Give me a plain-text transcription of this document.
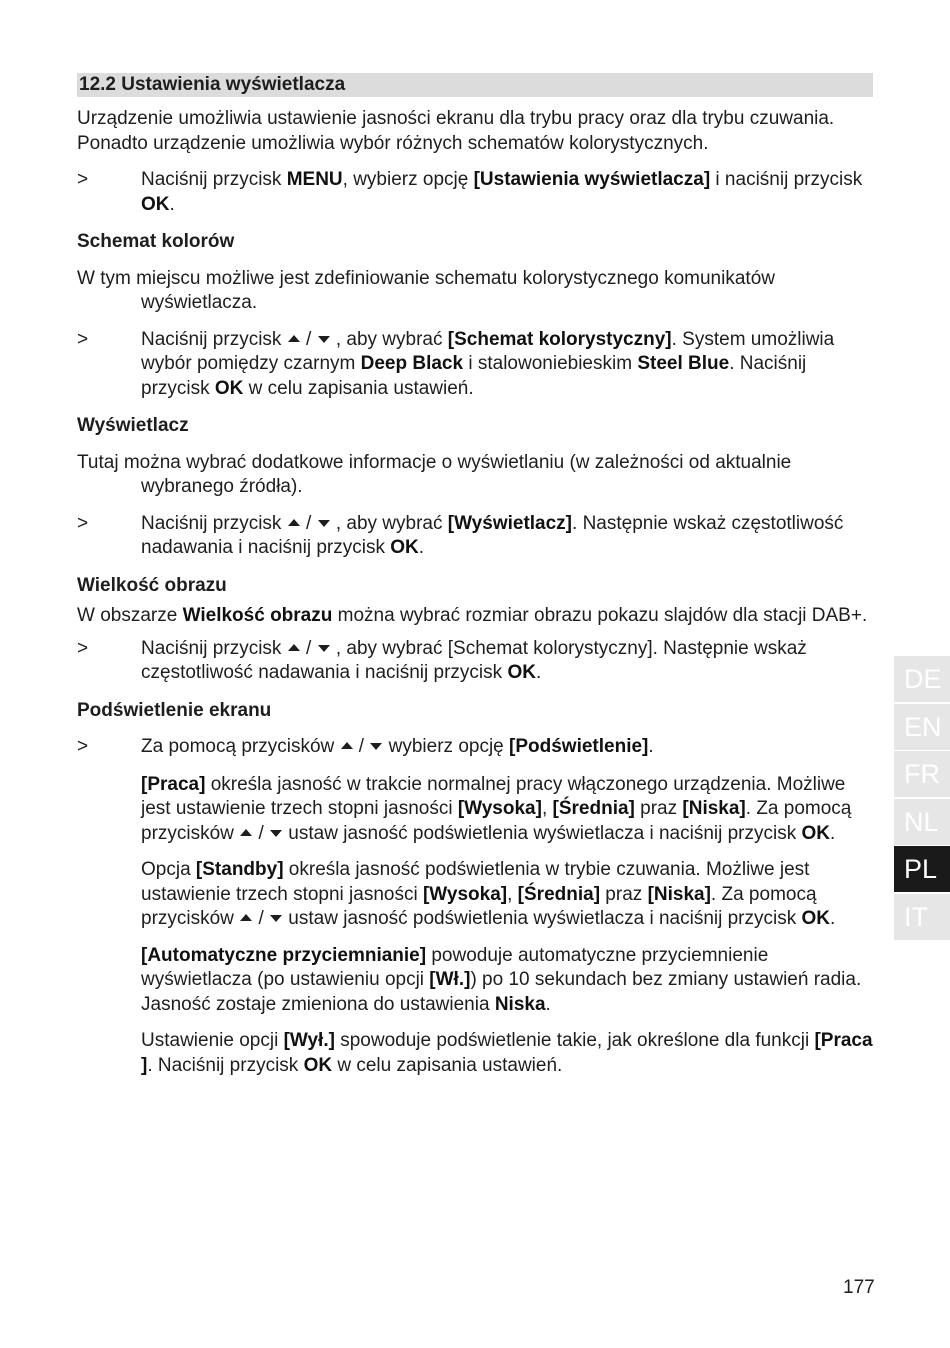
12.2 Ustawienia wyświetlacza

Urządzenie umożliwia ustawienie jasności ekranu dla trybu pracy oraz dla trybu czuwania. Ponadto urządzenie umożliwia wybór różnych schematów kolorystycznych.

>	Naciśnij przycisk MENU, wybierz opcję [Ustawienia wyświetlacza] i naciśnij przycisk OK.
Schemat kolorów

W tym miejscu możliwe jest zdefiniowanie schematu kolorystycznego komunikatów wyświetlacza.

>	Naciśnij przycisk
/
, aby wybrać [Schemat kolorystyczny]. System umożliwia wybór pomiędzy czarnym Deep Black i stalowoniebieskim Steel Blue. Naciśnij przycisk OK w celu zapisania ustawień.
Wyświetlacz

Tutaj można wybrać dodatkowe informacje o wyświetlaniu (w zależności od aktualnie wybranego źródła).

>	Naciśnij przycisk
/
, aby wybrać [Wyświetlacz]. Następnie wskaż częstotliwość nadawania i naciśnij przycisk OK.
Wielkość obrazu

W obszarze Wielkość obrazu można wybrać rozmiar obrazu pokazu slajdów dla stacji DAB+.

>	Naciśnij przycisk
/
, aby wybrać [Schemat kolorystyczny]. Następnie wskaż częstotliwość nadawania i naciśnij przycisk OK.
Podświetlenie ekranu
>	Za pomocą przycisków
/
wybierz opcję [Podświetlenie].

[Praca] określa jasność w trakcie normalnej pracy włączonego urządzenia. Możliwe jest ustawienie trzech stopni jasności [Wysoka], [Średnia] praz [Niska]. Za pomocą przycisków
/
ustaw jasność podświetlenia wyświetlacza i naciśnij przycisk OK.

Opcja [Standby] określa jasność podświetlenia w trybie czuwania. Możliwe jest ustawienie trzech stopni jasności [Wysoka], [Średnia] praz [Niska]. Za pomocą przycisków
/
ustaw jasność podświetlenia wyświetlacza i naciśnij przycisk OK.

[Automatyczne przyciemnianie] powoduje automatyczne przyciemnienie wyświetlacza (po ustawieniu opcji [Wł.]) po 10 sekundach bez zmiany ustawień radia. Jasność zostaje zmieniona do ustawienia Niska.

Ustawienie opcji [Wył.] spowoduje podświetlenie takie, jak określone dla funkcji [Praca ]. Naciśnij przycisk OK w celu zapisania ustawień.

DE
EN
FR
NL
PL
IT
177
